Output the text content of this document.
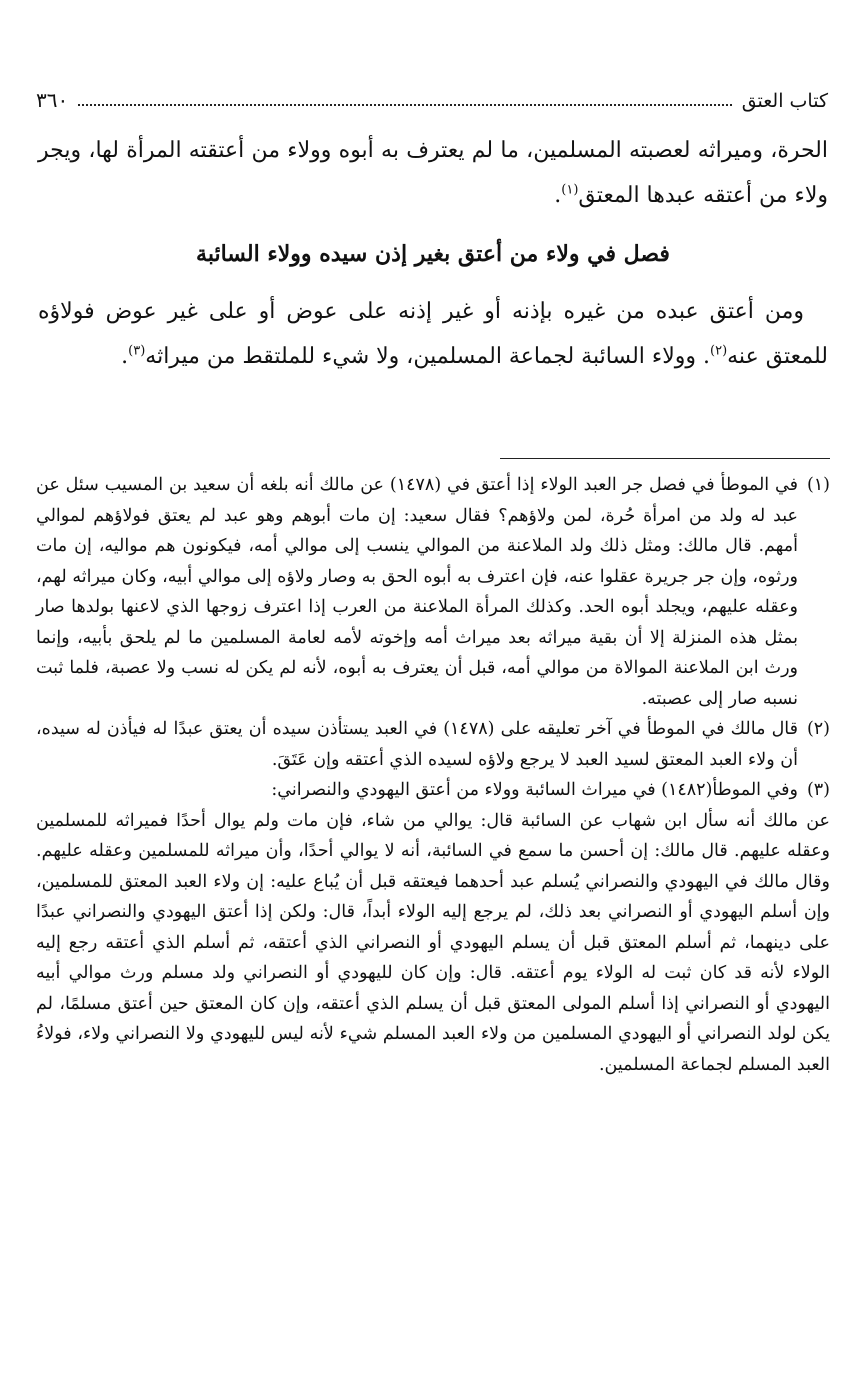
كتاب العتق
٣٦٠

الحرة، وميراثه لعصبته المسلمين، ما لم يعترف به أبوه وولاء من أعتقته المرأة لها، ويجر ولاء من أعتقه عبدها المعتق$^{(١)}$.

فصل في ولاء من أعتق بغير إذن سيده وولاء السائبة

ومن أعتق عبده من غيره بإذنه أو غير إذنه على عوض أو على غير عوض فولاؤه للمعتق عنه$^{(٢)}$. وولاء السائبة لجماعة المسلمين، ولا شيء للملتقط من ميراثه$^{(٣)}$.

(١)
في الموطأ في فصل جر العبد الولاء إذا أعتق في (١٤٧٨) عن مالك أنه بلغه أن سعيد بن المسيب سئل عن عبد له ولد من امرأة حُرة، لمن ولاؤهم؟ فقال سعيد: إن مات أبوهم وهو عبد لم يعتق فولاؤهم لموالي أمهم. قال مالك: ومثل ذلك ولد الملاعنة من الموالي ينسب إلى موالي أمه، فيكونون هم مواليه، إن مات ورثوه، وإن جر جريرة عقلوا عنه، فإن اعترف به أبوه الحق به وصار ولاؤه إلى موالي أبيه، وكان ميراثه لهم، وعقله عليهم، ويجلد أبوه الحد. وكذلك المرأة الملاعنة من العرب إذا اعترف زوجها الذي لاعنها بولدها صار بمثل هذه المنزلة إلا أن بقية ميراثه بعد ميراث أمه وإخوته لأمه لعامة المسلمين ما لم يلحق بأبيه، وإنما ورث ابن الملاعنة الموالاة من موالي أمه، قبل أن يعترف به أبوه، لأنه لم يكن له نسب ولا عصبة، فلما ثبت نسبه صار إلى عصبته.

(٢)
قال مالك في الموطأ في آخر تعليقه على (١٤٧٨) في العبد يستأذن سيده أن يعتق عبدًا له فيأذن له سيده، أن ولاء العبد المعتق لسيد العبد لا يرجع ولاؤه لسيده الذي أعتقه وإن عَتَقَ.

(٣)
وفي الموطأ(١٤٨٢) في ميراث السائبة وولاء من أعتق اليهودي والنصراني:

عن مالك أنه سأل ابن شهاب عن السائبة قال: يوالي من شاء، فإن مات ولم يوال أحدًا فميراثه للمسلمين وعقله عليهم. قال مالك: إن أحسن ما سمع في السائبة، أنه لا يوالي أحدًا، وأن ميراثه للمسلمين وعقله عليهم. وقال مالك في اليهودي والنصراني يُسلم عبد أحدهما فيعتقه قبل أن يُباع عليه: إن ولاء العبد المعتق للمسلمين، وإن أسلم اليهودي أو النصراني بعد ذلك، لم يرجع إليه الولاء أبداً، قال: ولكن إذا أعتق اليهودي والنصراني عبدًا على دينهما، ثم أسلم المعتق قبل أن يسلم اليهودي أو النصراني الذي أعتقه، ثم أسلم الذي أعتقه رجع إليه الولاء لأنه قد كان ثبت له الولاء يوم أعتقه. قال: وإن كان لليهودي أو النصراني ولد مسلم ورث موالي أبيه اليهودي أو النصراني إذا أسلم المولى المعتق قبل أن يسلم الذي أعتقه، وإن كان المعتق حين أعتق مسلمًا، لم يكن لولد النصراني أو اليهودي المسلمين من ولاء العبد المسلم شيء لأنه ليس لليهودي ولا النصراني ولاء، فولاءُ العبد المسلم لجماعة المسلمين.
